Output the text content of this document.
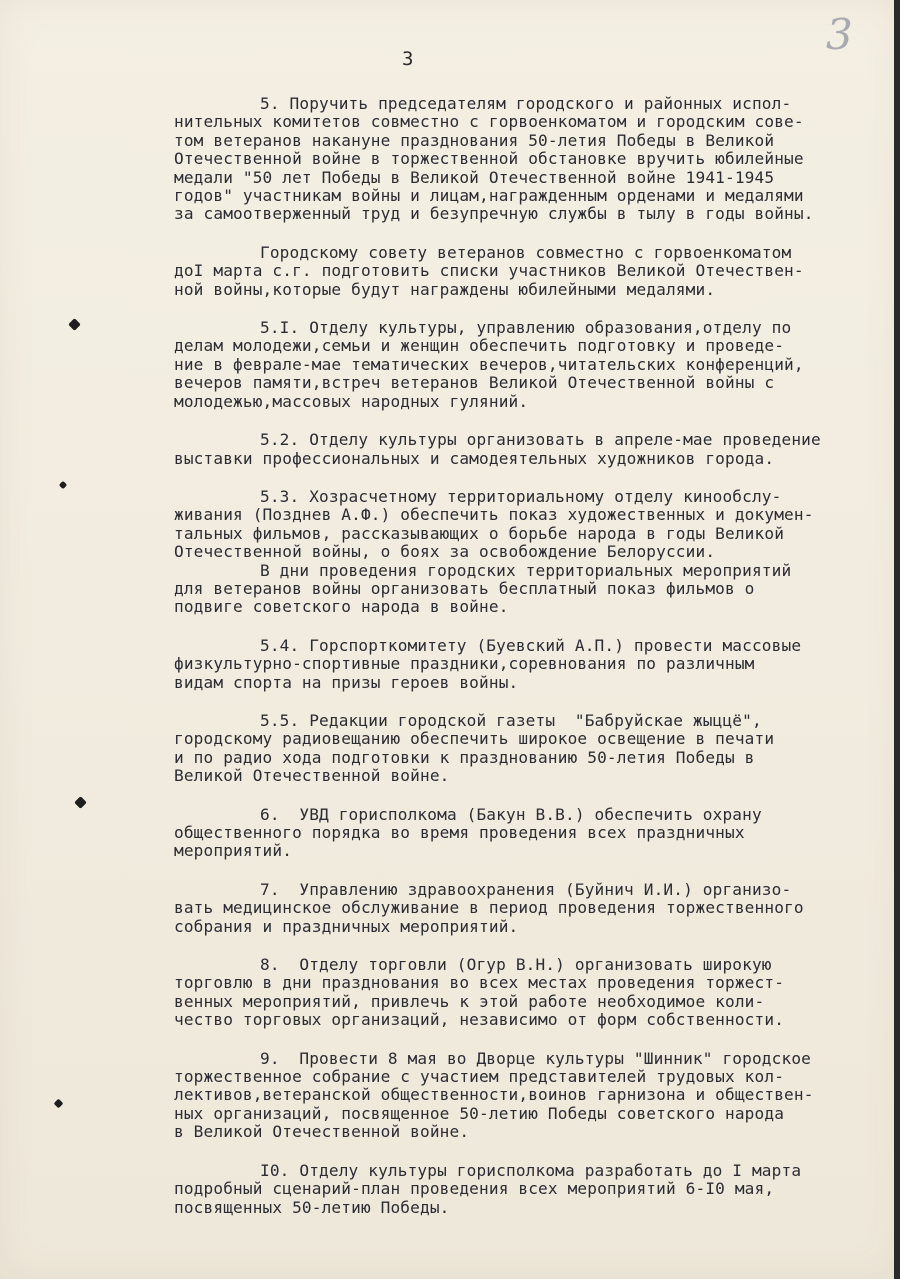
3
3
5. Поручить председателям городского и районных испол-
нительных комитетов совместно с горвоенкоматом и городским сове-
том ветеранов накануне празднования 50-летия Победы в Великой
Отечественной войне в торжественной обстановке вручить юбилейные
медали "50 лет Победы в Великой Отечественной войне 1941-1945
годов" участникам войны и лицам,награжденным орденами и медалями
за самоотверженный труд и безупречную службы в тылу в годы войны.
Городскому совету ветеранов совместно с горвоенкоматом
доI марта с.г. подготовить списки участников Великой Отечествен-
ной войны,которые будут награждены юбилейными медалями.
5.I. Отделу культуры, управлению образования,отделу по
делам молодежи,семьи и женщин обеспечить подготовку и проведе-
ние в феврале-мае тематических вечеров,читательских конференций,
вечеров памяти,встреч ветеранов Великой Отечественной войны с
молодежью,массовых народных гуляний.
5.2. Отделу культуры организовать в апреле-мае проведение
выставки профессиональных и самодеятельных художников города.
5.3. Хозрасчетному территориальному отделу кинообслу-
живания (Позднев А.Ф.) обеспечить показ художественных и докумен-
тальных фильмов, рассказывающих о борьбе народа в годы Великой
Отечественной войны, о боях за освобождение Белоруссии.
В дни проведения городских территориальных мероприятий
для ветеранов войны организовать бесплатный показ фильмов о
подвиге советского народа в войне.
5.4. Горспорткомитету (Буевский А.П.) провести массовые
физкультурно-спортивные праздники,соревнования по различным
видам спорта на призы героев войны.
5.5. Редакции городской газеты  "Бабруйскае жыццё",
городскому радиовещанию обеспечить широкое освещение в печати
и по радио хода подготовки к празднованию 50-летия Победы в
Великой Отечественной войне.
6.  УВД горисполкома (Бакун В.В.) обеспечить охрану
общественного порядка во время проведения всех праздничных
мероприятий.
7.  Управлению здравоохранения (Буйнич И.И.) организо-
вать медицинское обслуживание в период проведения торжественного
собрания и праздничных мероприятий.
8.  Отделу торговли (Огур В.Н.) организовать широкую
торговлю в дни празднования во всех местах проведения торжест-
венных мероприятий, привлечь к этой работе необходимое коли-
чество торговых организаций, независимо от форм собственности.
9.  Провести 8 мая во Дворце культуры "Шинник" городское
торжественное собрание с участием представителей трудовых кол-
лективов,ветеранской общественности,воинов гарнизона и обществен-
ных организаций, посвященное 50-летию Победы советского народа
в Великой Отечественной войне.
I0. Отделу культуры горисполкома разработать до I марта
подробный сценарий-план проведения всех мероприятий 6-I0 мая,
посвященных 50-летию Победы.
